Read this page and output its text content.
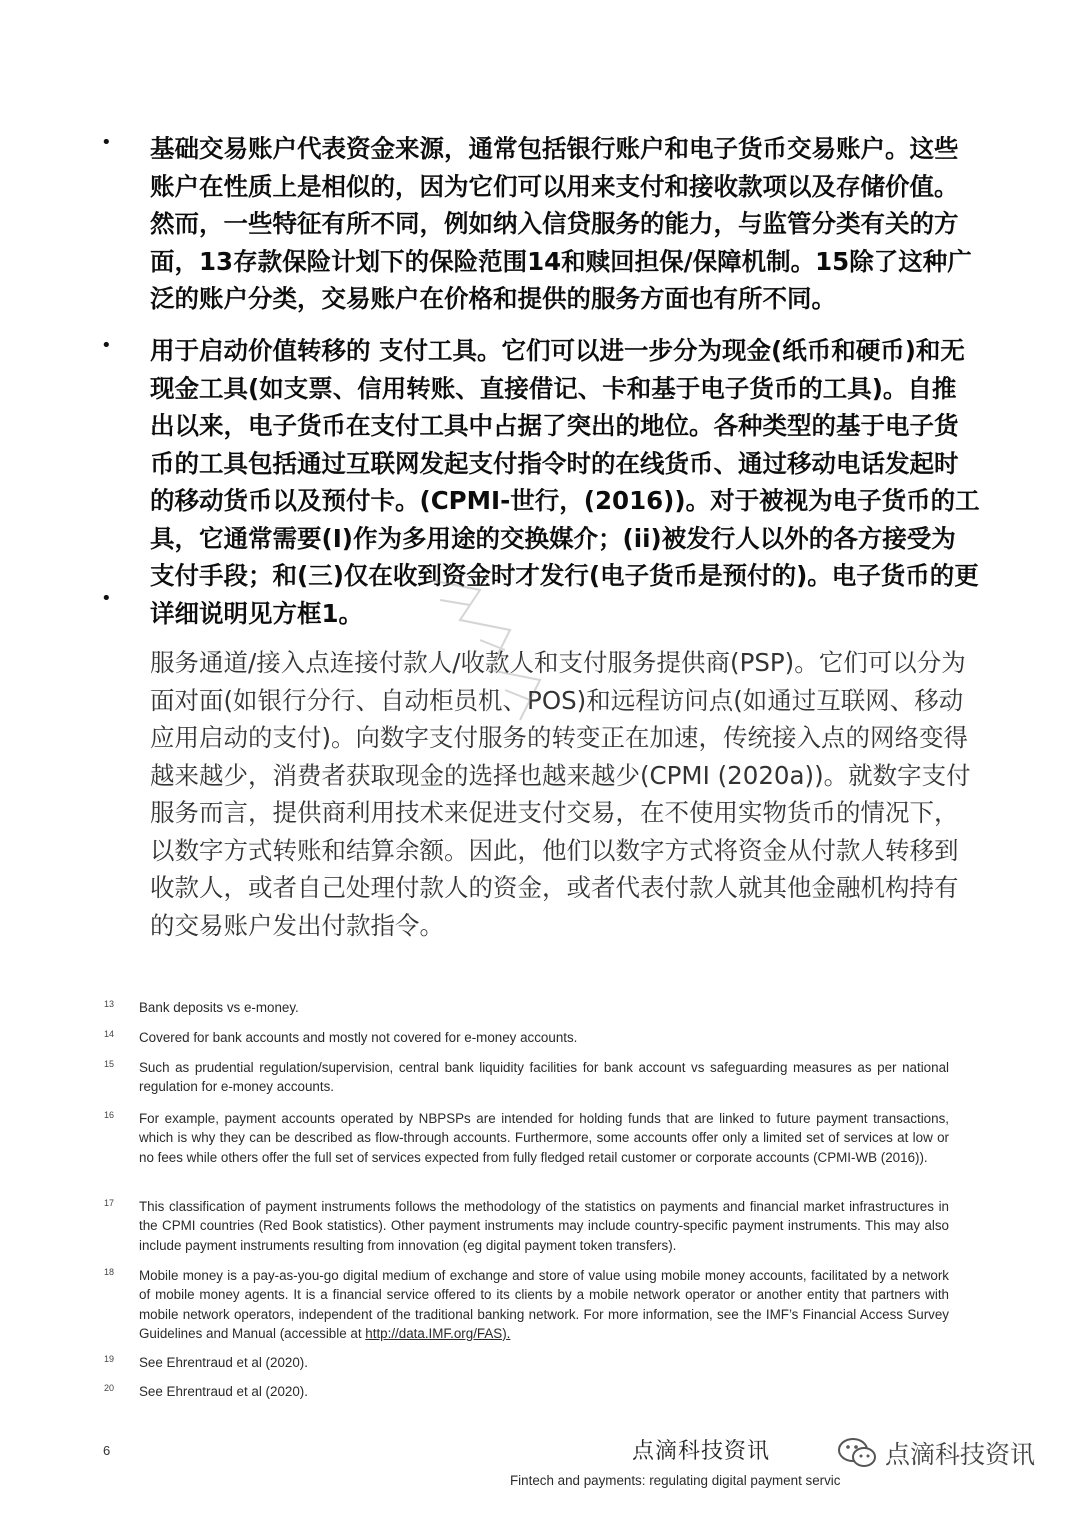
•
•
•

基础交易账户代表资金来源，通常包括银行账户和电子货币交易账户。这些账户在性质上是相似的，因为它们可以用来支付和接收款项以及存储价值。然而，一些特征有所不同，例如纳入信贷服务的能力，与监管分类有关的方面，13存款保险计划下的保险范围14和赎回担保/保障机制。15除了这种广泛的账户分类，交易账户在价格和提供的服务方面也有所不同。

用于启动价值转移的 支付工具。它们可以进一步分为现金(纸币和硬币)和无现金工具(如支票、信用转账、直接借记、卡和基于电子货币的工具)。自推出以来，电子货币在支付工具中占据了突出的地位。各种类型的基于电子货币的工具包括通过互联网发起支付指令时的在线货币、通过移动电话发起时的移动货币以及预付卡。(CPMI-世行，(2016))。对于被视为电子货币的工具，它通常需要(I)作为多用途的交换媒介；(ii)被发行人以外的各方接受为支付手段；和(三)仅在收到资金时才发行(电子货币是预付的)。电子货币的更详细说明见方框1。

服务通道/接入点连接付款人/收款人和支付服务提供商(PSP)。它们可以分为面对面(如银行分行、自动柜员机、POS)和远程访问点(如通过互联网、移动应用启动的支付)。向数字支付服务的转变正在加速，传统接入点的网络变得越来越少，消费者获取现金的选择也越来越少(CPMI (2020a))。就数字支付服务而言，提供商利用技术来促进支付交易，在不使用实物货币的情况下，以数字方式转账和结算余额。因此，他们以数字方式将资金从付款人转移到收款人，或者自己处理付款人的资金，或者代表付款人就其他金融机构持有的交易账户发出付款指令。

13 Bank deposits vs e-money.
14 Covered for bank accounts and mostly not covered for e-money accounts.
15 Such as prudential regulation/supervision, central bank liquidity facilities for bank account vs safeguarding measures as per national regulation for e-money accounts.
16 For example, payment accounts operated by NBPSPs are intended for holding funds that are linked to future payment transactions, which is why they can be described as flow-through accounts. Furthermore, some accounts offer only a limited set of services at low or no fees while others offer the full set of services expected from fully fledged retail customer or corporate accounts (CPMI-WB (2016)).
17 This classification of payment instruments follows the methodology of the statistics on payments and financial market infrastructures in the CPMI countries (Red Book statistics). Other payment instruments may include country-specific payment instruments. This may also include payment instruments resulting from innovation (eg digital payment token transfers).
18 Mobile money is a pay-as-you-go digital medium of exchange and store of value using mobile money accounts, facilitated by a network of mobile money agents. It is a financial service offered to its clients by a mobile network operator or another entity that partners with mobile network operators, independent of the traditional banking network. For more information, see the IMF’s Financial Access Survey Guidelines and Manual (accessible at http://data.IMF.org/FAS).
19 See Ehrentraud et al (2020).
20 See Ehrentraud et al (2020).
6	点滴科技资讯
Fintech and payments: regulating digital payment servic
点滴科技资讯
